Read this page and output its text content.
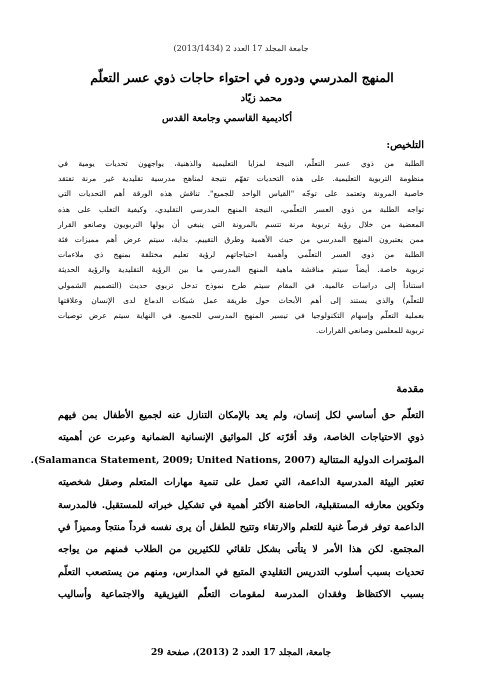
جامعة المجلد 17 العدد 2 (2013/1434)
المنهج المدرسي ودوره في احتواء حاجات ذوي عسر التعلّم
محمد زيّاد
أكاديمية القاسمي وجامعة القدس
التلخيص:
الطلبة من ذوي عسر التعلّم، النيجة لمزايا التعليمية والذهنية، يواجهون تحديات يومية في
منظومة التربوية التعليمية. على هذه التحديات تفهّم نتيجة لمناهج مدرسية تقليدية غير مرنة تفتقد
خاصية المرونة وتعتمد على توجّه "القياس الواحد للجميع". تناقش هذه الورقة أهم التحديات التي
تواجه الطلبة من ذوي العسر التعلّمي، النيجة المنهج المدرسي التقليدي، وكيفية التغلب على هذه
المعضية من خلال رؤية تربوية مرنة تتسم بالمرونة التي ينبغي أن يولها التربويون وصانعو القرار
ممن يعتبرون المنهج المدرسي من حيث الأهمية وطرق التقييم. بداية، سيتم عرض أهم مميزات فئة
الطلبة من ذوي العسر التعلّمي وأهمية احتياجاتهم لرؤية تعليم مختلفة بمنهج ذي ملاءمات
تربوية خاصة. أيضاً سيتم مناقشة ماهية المنهج المدرسي ما بين الرؤية التقليدية والرؤية الحديثة
استناداً إلى دراسات عالمية. في المقام سيتم طرح نموذج تدخل تربوي حديث (التصميم الشمولي
للتعلّم) والذي يستند إلى أهم الأبحاث حول طريقة عمل شبكات الدماغ لدى الإنسان وعلاقتها
بعملية التعلّم وإسهام التكنولوجيا في تيسير المنهج المدرسي للجميع. في النهاية سيتم عرض توصيات
تربوية للمعلمين وصانعي القرارات.
مقدمة
التعلّم حق أساسي لكل إنسان، ولم يعد بالإمكان التنازل عنه لجميع الأطفال بمن فيهم
ذوي الاحتياجات الخاصة، وقد أقرّته كل المواثيق الإنسانية الضمانية وعبرت عن أهميته
المؤتمرات الدولية المتتالية (Salamanca Statement, 2009; United Nations, 2007).
تعتبر البيئة المدرسية الداعمة، التي تعمل على تنمية مهارات المتعلم وصقل شخصيته
وتكوين معارفه المستقبلية، الحاضنة الأكثر أهمية في تشكيل خبراته للمستقبل. فالمدرسة
الداعمة توفر فرصاً غنية للتعلم والارتقاء وتتيح للطفل أن يرى نفسه فرداً منتجاً ومميزاً في
المجتمع. لكن هذا الأمر لا يتأتى بشكل تلقائي للكثيرين من الطلاب فمنهم من يواجه
تحديات بسبب أسلوب التدريس التقليدي المتبع في المدارس، ومنهم من يستصعب التعلّم
بسبب الاكتظاظ وفقدان المدرسة لمقومات التعلّم الفيزيقية والاجتماعية وأساليب
جامعة، المجلد 17 العدد 2 (2013)، صفحة 29
